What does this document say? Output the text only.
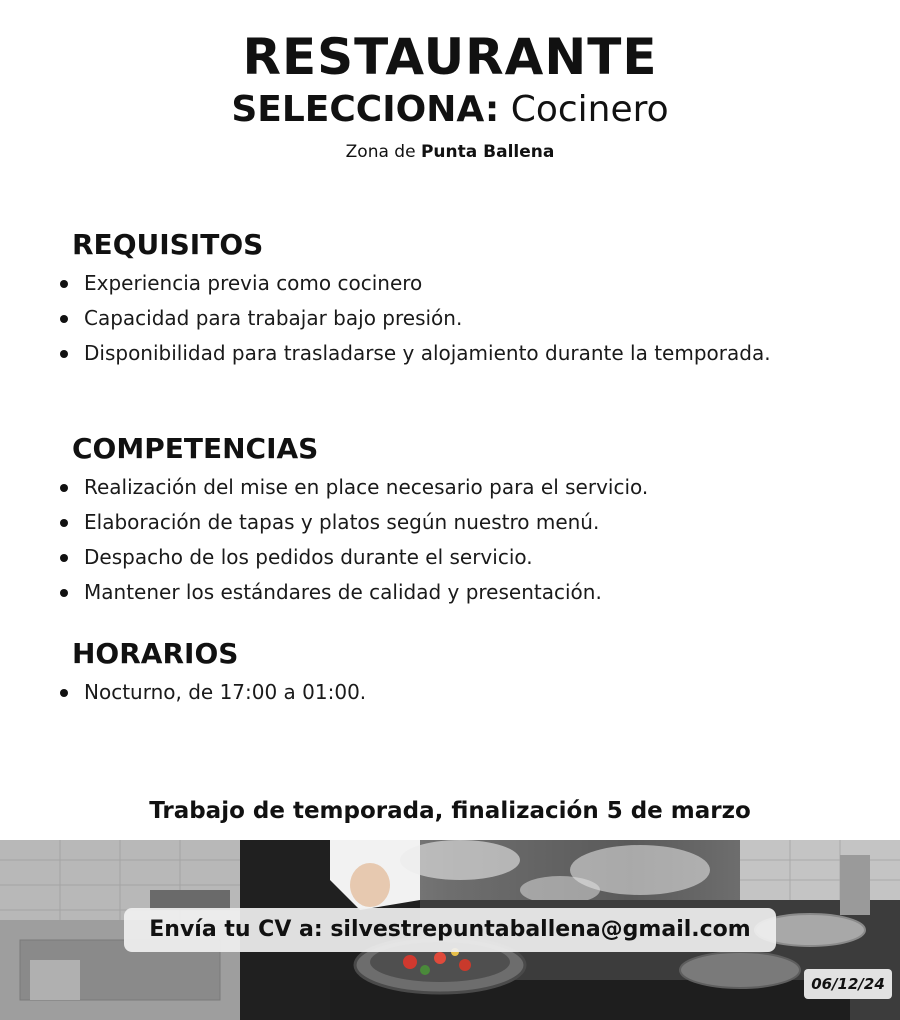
RESTAURANTE
SELECCIONA: Cocinero
Zona de Punta Ballena
REQUISITOS
Experiencia previa como cocinero
Capacidad para trabajar bajo presión.
Disponibilidad para trasladarse y alojamiento durante la temporada.
COMPETENCIAS
Realización del mise en place necesario para el servicio.
Elaboración de tapas y platos según nuestro menú.
Despacho de los pedidos durante el servicio.
Mantener los estándares de calidad y presentación.
HORARIOS
Nocturno, de 17:00 a 01:00.
Trabajo de temporada, finalización 5 de marzo
Envía tu CV a: silvestrepuntaballena@gmail.com
06/12/24
